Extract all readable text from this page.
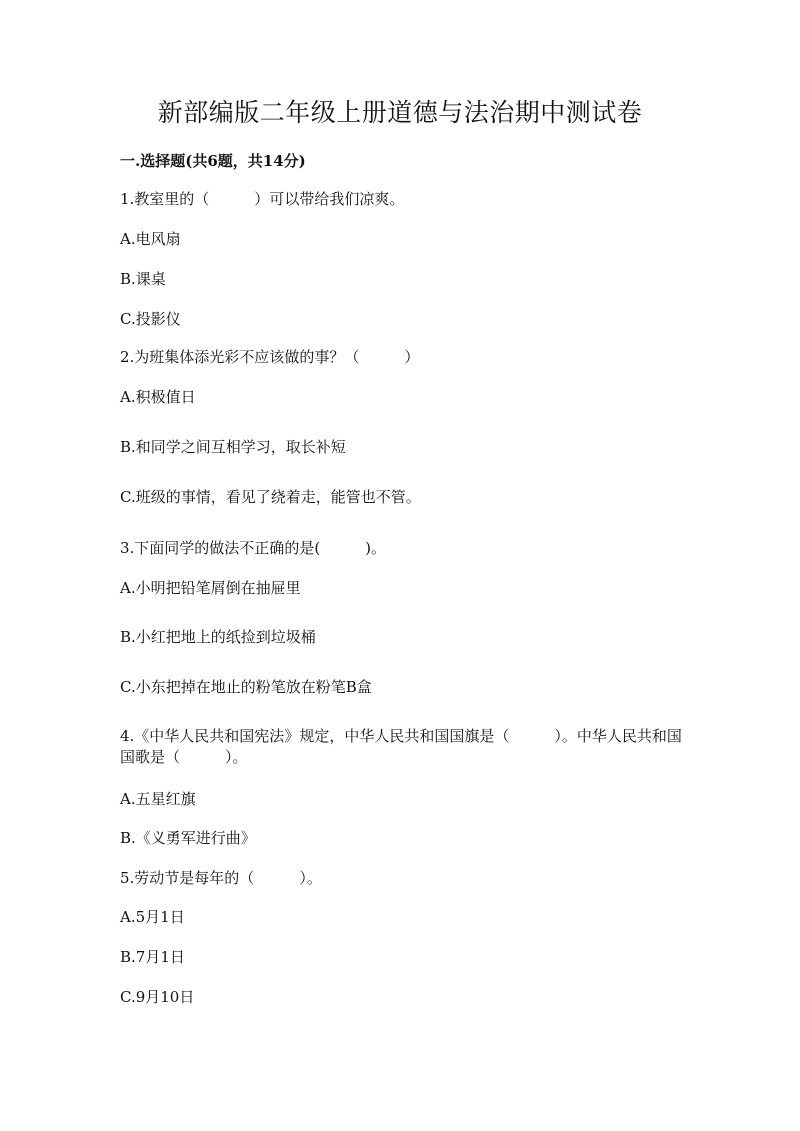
新部编版二年级上册道德与法治期中测试卷
一.选择题(共6题，共14分)
1.教室里的（　　　）可以带给我们凉爽。
A.电风扇
B.课桌
C.投影仪
2.为班集体添光彩不应该做的事？（　　　）
A.积极值日
B.和同学之间互相学习，取长补短
C.班级的事情，看见了绕着走，能管也不管。
3.下面同学的做法不正确的是(　　　)。
A.小明把铅笔屑倒在抽屉里
B.小红把地上的纸捡到垃圾桶
C.小东把掉在地止的粉笔放在粉笔B盒
4.《中华人民共和国宪法》规定，中华人民共和国国旗是（　　　）。中华人民共和国国歌是（　　　）。
A.五星红旗
B.《义勇军进行曲》
5.劳动节是每年的（　　　）。
A.5月1日
B.7月1日
C.9月10日
